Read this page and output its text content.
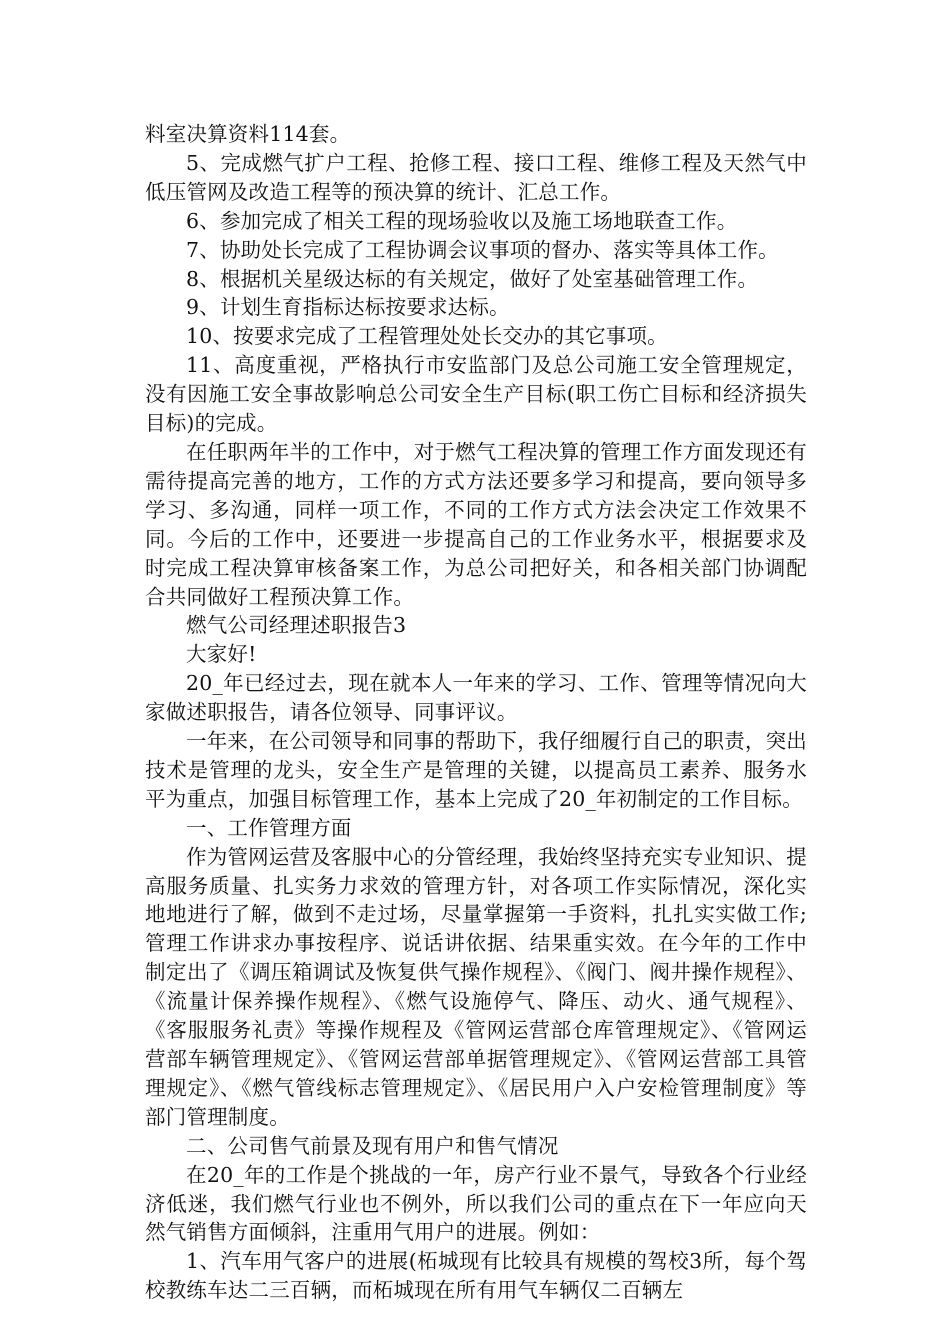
料室决算资料114套。

5、完成燃气扩户工程、抢修工程、接口工程、维修工程及天然气中低压管网及改造工程等的预决算的统计、汇总工作。

6、参加完成了相关工程的现场验收以及施工场地联查工作。

7、协助处长完成了工程协调会议事项的督办、落实等具体工作。

8、根据机关星级达标的有关规定，做好了处室基础管理工作。

9、计划生育指标达标按要求达标。

10、按要求完成了工程管理处处长交办的其它事项。

11、高度重视，严格执行市安监部门及总公司施工安全管理规定，没有因施工安全事故影响总公司安全生产目标(职工伤亡目标和经济损失目标)的完成。

在任职两年半的工作中，对于燃气工程决算的管理工作方面发现还有需待提高完善的地方，工作的方式方法还要多学习和提高，要向领导多学习、多沟通，同样一项工作，不同的工作方式方法会决定工作效果不同。今后的工作中，还要进一步提高自己的工作业务水平，根据要求及时完成工程决算审核备案工作，为总公司把好关，和各相关部门协调配合共同做好工程预决算工作。

燃气公司经理述职报告3

大家好!

20_年已经过去，现在就本人一年来的学习、工作、管理等情况向大家做述职报告，请各位领导、同事评议。

一年来，在公司领导和同事的帮助下，我仔细履行自己的职责，突出技术是管理的龙头，安全生产是管理的关键，以提高员工素养、服务水平为重点，加强目标管理工作，基本上完成了20_年初制定的工作目标。

一、工作管理方面

作为管网运营及客服中心的分管经理，我始终坚持充实专业知识、提高服务质量、扎实务力求效的管理方针，对各项工作实际情况，深化实地地进行了解，做到不走过场，尽量掌握第一手资料，扎扎实实做工作;管理工作讲求办事按程序、说话讲依据、结果重实效。在今年的工作中制定出了《调压箱调试及恢复供气操作规程》、《阀门、阀井操作规程》、《流量计保养操作规程》、《燃气设施停气、降压、动火、通气规程》、《客服服务礼责》等操作规程及《管网运营部仓库管理规定》、《管网运营部车辆管理规定》、《管网运营部单据管理规定》、《管网运营部工具管理规定》、《燃气管线标志管理规定》、《居民用户入户安检管理制度》等部门管理制度。

二、公司售气前景及现有用户和售气情况

在20_年的工作是个挑战的一年，房产行业不景气，导致各个行业经济低迷，我们燃气行业也不例外，所以我们公司的重点在下一年应向天然气销售方面倾斜，注重用气用户的进展。例如：

1、汽车用气客户的进展(柘城现有比较具有规模的驾校3所，每个驾校教练车达二三百辆，而柘城现在所有用气车辆仅二百辆左
